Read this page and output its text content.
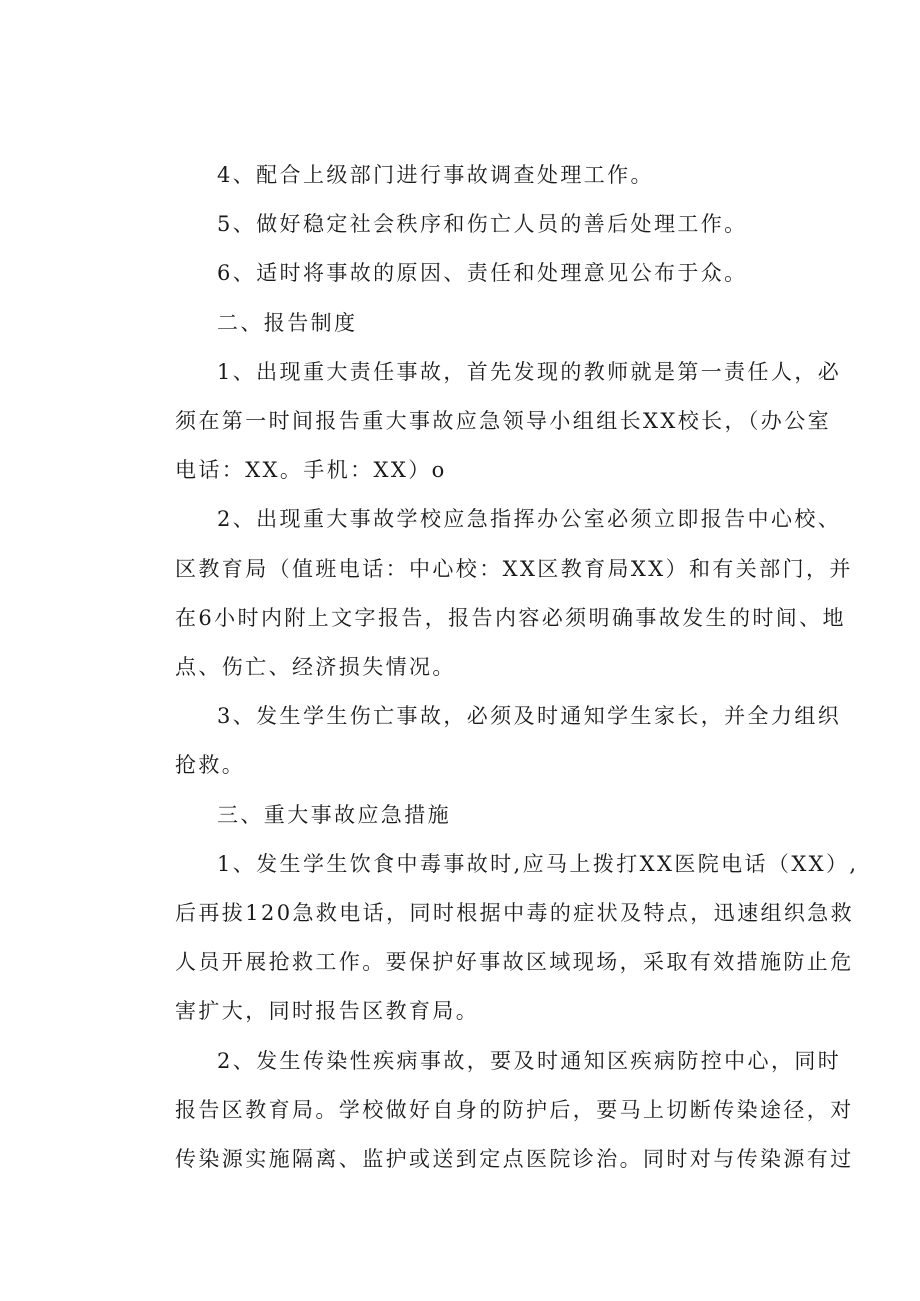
4、配合上级部门进行事故调查处理工作。
5、做好稳定社会秩序和伤亡人员的善后处理工作。
6、适时将事故的原因、责任和处理意见公布于众。
二、报告制度
1、出现重大责任事故，首先发现的教师就是第一责任人，必
须在第一时间报告重大事故应急领导小组组长XX校长，（办公室
电话：XX。手机：XX）o
2、出现重大事故学校应急指挥办公室必须立即报告中心校、
区教育局（值班电话：中心校：XX区教育局XX）和有关部门，并
在6小时内附上文字报告，报告内容必须明确事故发生的时间、地
点、伤亡、经济损失情况。
3、发生学生伤亡事故，必须及时通知学生家长，并全力组织
抢救。
三、重大事故应急措施
1、发生学生饮食中毒事故时,应马上拨打XX医院电话（XX）,
后再拔120急救电话，同时根据中毒的症状及特点，迅速组织急救
人员开展抢救工作。要保护好事故区域现场，采取有效措施防止危
害扩大，同时报告区教育局。
2、发生传染性疾病事故，要及时通知区疾病防控中心，同时
报告区教育局。学校做好自身的防护后，要马上切断传染途径，对
传染源实施隔离、监护或送到定点医院诊治。同时对与传染源有过
